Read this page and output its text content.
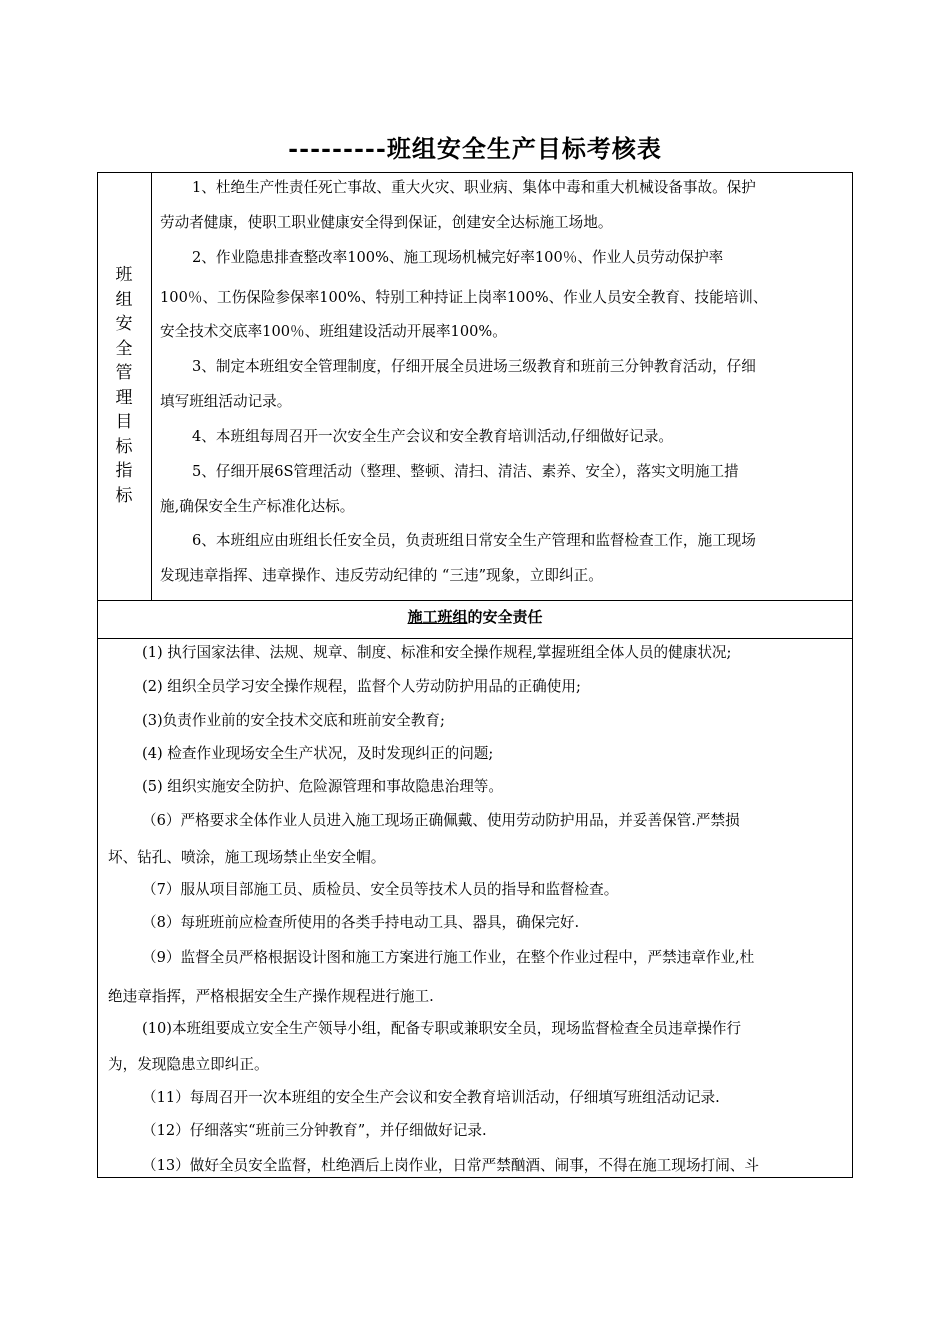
---------班组安全生产目标考核表
班
组
安
全
管
理
目
标
指
标
1、杜绝生产性责任死亡事故、重大火灾、职业病、集体中毒和重大机械设备事故。保护
劳动者健康，使职工职业健康安全得到保证，创建安全达标施工场地。
2、作业隐患排查整改率100%、施工现场机械完好率100％、作业人员劳动保护率
100％、工伤保险参保率100%、特别工种持证上岗率100%、作业人员安全教育、技能培训、
安全技术交底率100％、班组建设活动开展率100%。
3、制定本班组安全管理制度，仔细开展全员进场三级教育和班前三分钟教育活动，仔细
填写班组活动记录。
4、本班组每周召开一次安全生产会议和安全教育培训活动,仔细做好记录。
5、仔细开展6S管理活动（整理、整顿、清扫、清洁、素养、安全），落实文明施工措
施,确保安全生产标准化达标。
6、本班组应由班组长任安全员，负责班组日常安全生产管理和监督检查工作，施工现场
发现违章指挥、违章操作、违反劳动纪律的 “三违”现象，立即纠正。
施工班组的安全责任
(1) 执行国家法律、法规、规章、制度、标准和安全操作规程,掌握班组全体人员的健康状况;
(2) 组织全员学习安全操作规程，监督个人劳动防护用品的正确使用;
(3)负责作业前的安全技术交底和班前安全教育;
(4) 检查作业现场安全生产状况，及时发现纠正的问题;
(5) 组织实施安全防护、危险源管理和事故隐患治理等。
（6）严格要求全体作业人员进入施工现场正确佩戴、使用劳动防护用品，并妥善保管.严禁损
坏、钻孔、喷涂，施工现场禁止坐安全帽。
（7）服从项目部施工员、质检员、安全员等技术人员的指导和监督检查。
（8）每班班前应检查所使用的各类手持电动工具、器具，确保完好.
（9）监督全员严格根据设计图和施工方案进行施工作业，在整个作业过程中，严禁违章作业,杜
绝违章指挥，严格根据安全生产操作规程进行施工.
(10)本班组要成立安全生产领导小组，配备专职或兼职安全员，现场监督检查全员违章操作行
为，发现隐患立即纠正。
（11）每周召开一次本班组的安全生产会议和安全教育培训活动，仔细填写班组活动记录.
（12）仔细落实“班前三分钟教育”，并仔细做好记录.
（13）做好全员安全监督，杜绝酒后上岗作业，日常严禁酗酒、闹事，不得在施工现场打闹、斗
